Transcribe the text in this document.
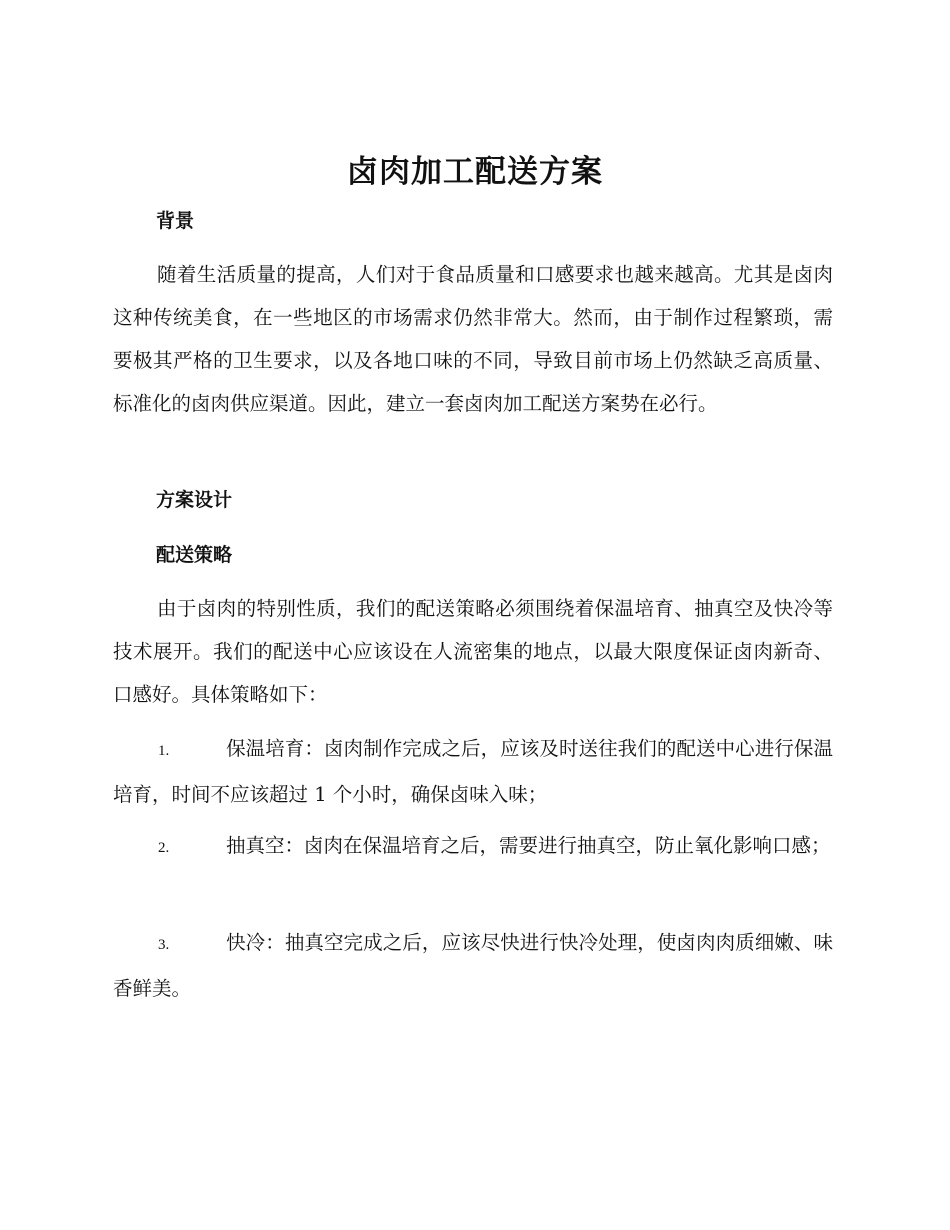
卤肉加工配送方案
背景
随着生活质量的提高，人们对于食品质量和口感要求也越来越高。尤其是卤肉这种传统美食，在一些地区的市场需求仍然非常大。然而，由于制作过程繁琐，需要极其严格的卫生要求，以及各地口味的不同，导致目前市场上仍然缺乏高质量、标准化的卤肉供应渠道。因此，建立一套卤肉加工配送方案势在必行。
方案设计
配送策略
由于卤肉的特别性质，我们的配送策略必须围绕着保温培育、抽真空及快冷等技术展开。我们的配送中心应该设在人流密集的地点，以最大限度保证卤肉新奇、口感好。具体策略如下：
1.	保温培育：卤肉制作完成之后，应该及时送往我们的配送中心进行保温培育，时间不应该超过 1 个小时，确保卤味入味；
2.	抽真空：卤肉在保温培育之后，需要进行抽真空，防止氧化影响口感；
3.	快冷：抽真空完成之后，应该尽快进行快冷处理，使卤肉肉质细嫩、味香鲜美。
